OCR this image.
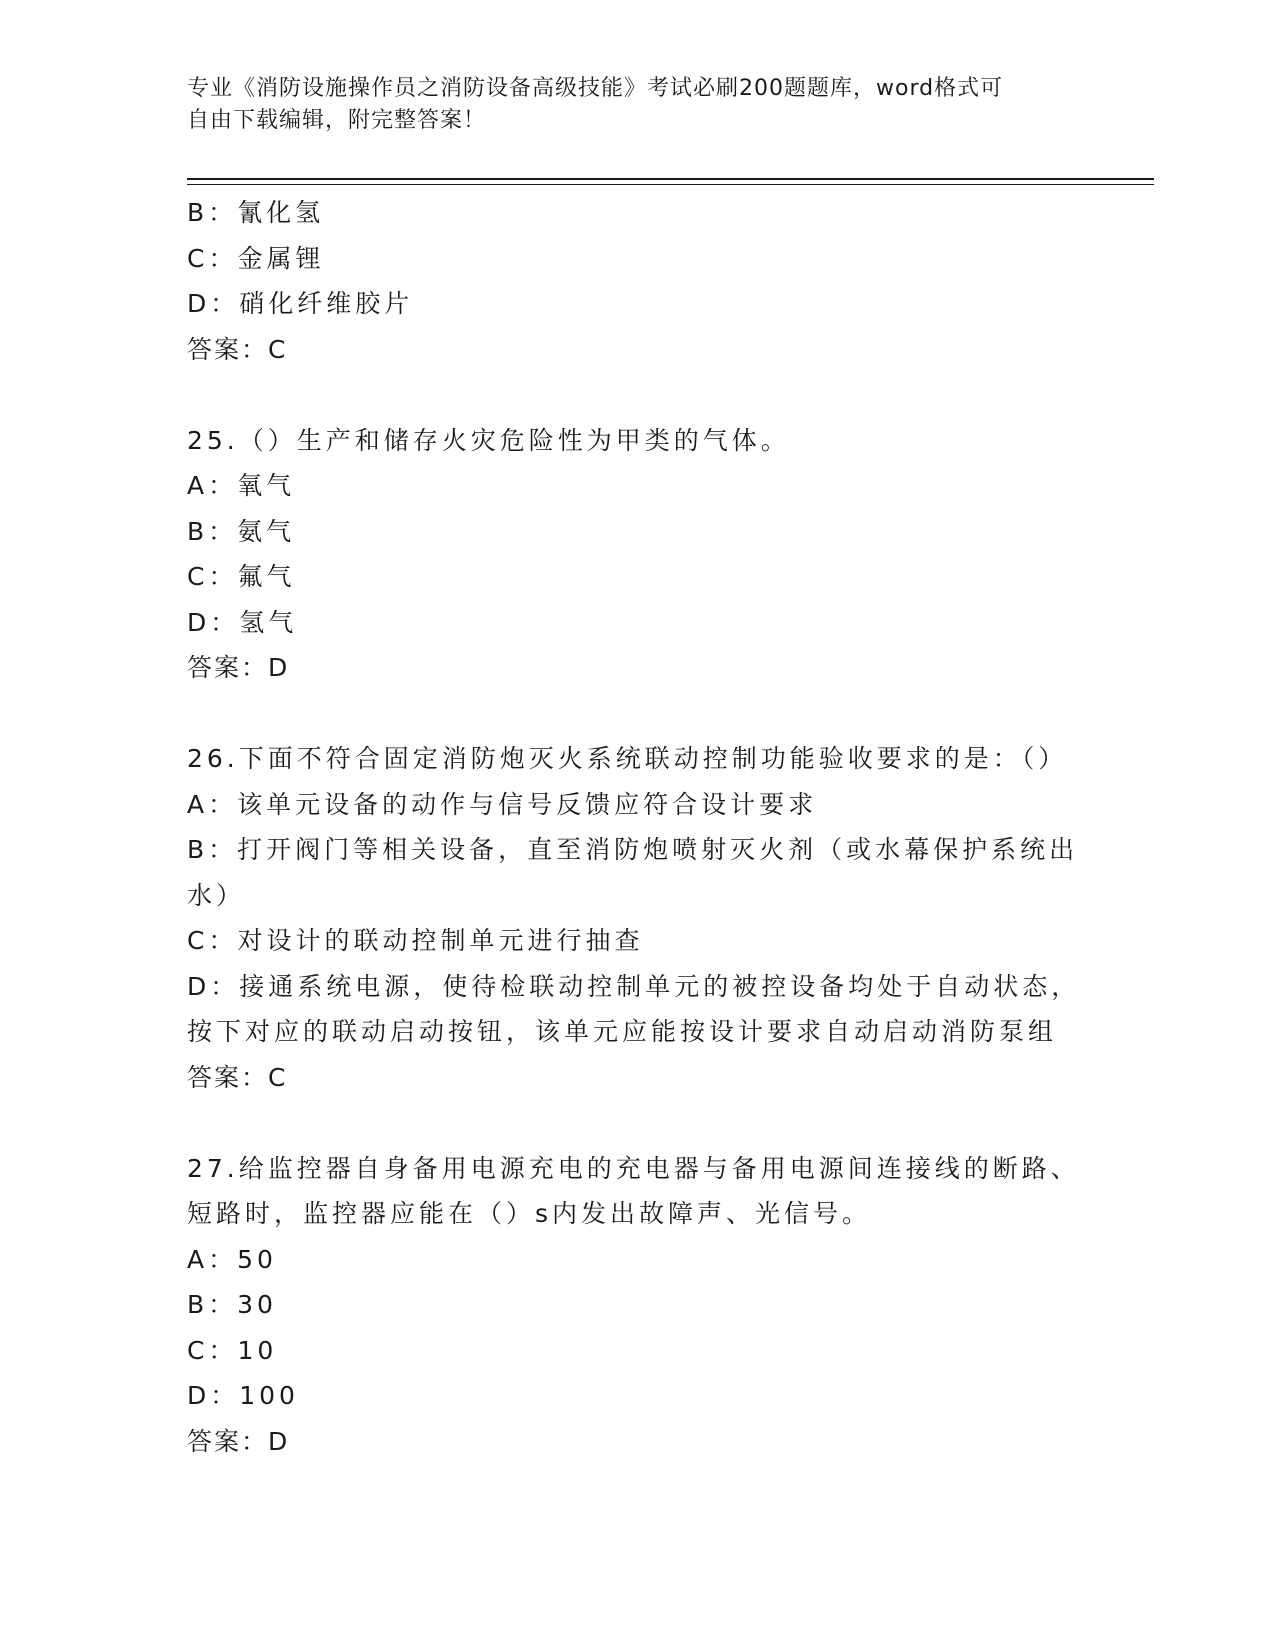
专业《消防设施操作员之消防设备高级技能》考试必刷200题题库，word格式可
自由下载编辑，附完整答案！
B：氰化氢
C：金属锂
D：硝化纤维胶片
答案：C
25.（）生产和储存火灾危险性为甲类的气体。
A：氧气
B：氨气
C：氟气
D：氢气
答案：D
26.下面不符合固定消防炮灭火系统联动控制功能验收要求的是：（）
A：该单元设备的动作与信号反馈应符合设计要求
B：打开阀门等相关设备，直至消防炮喷射灭火剂（或水幕保护系统出
水）
C：对设计的联动控制单元进行抽查
D：接通系统电源，使待检联动控制单元的被控设备均处于自动状态，
按下对应的联动启动按钮，该单元应能按设计要求自动启动消防泵组
答案：C
27.给监控器自身备用电源充电的充电器与备用电源间连接线的断路、
短路时，监控器应能在（）s内发出故障声、光信号。
A：50
B：30
C：10
D：100
答案：D
